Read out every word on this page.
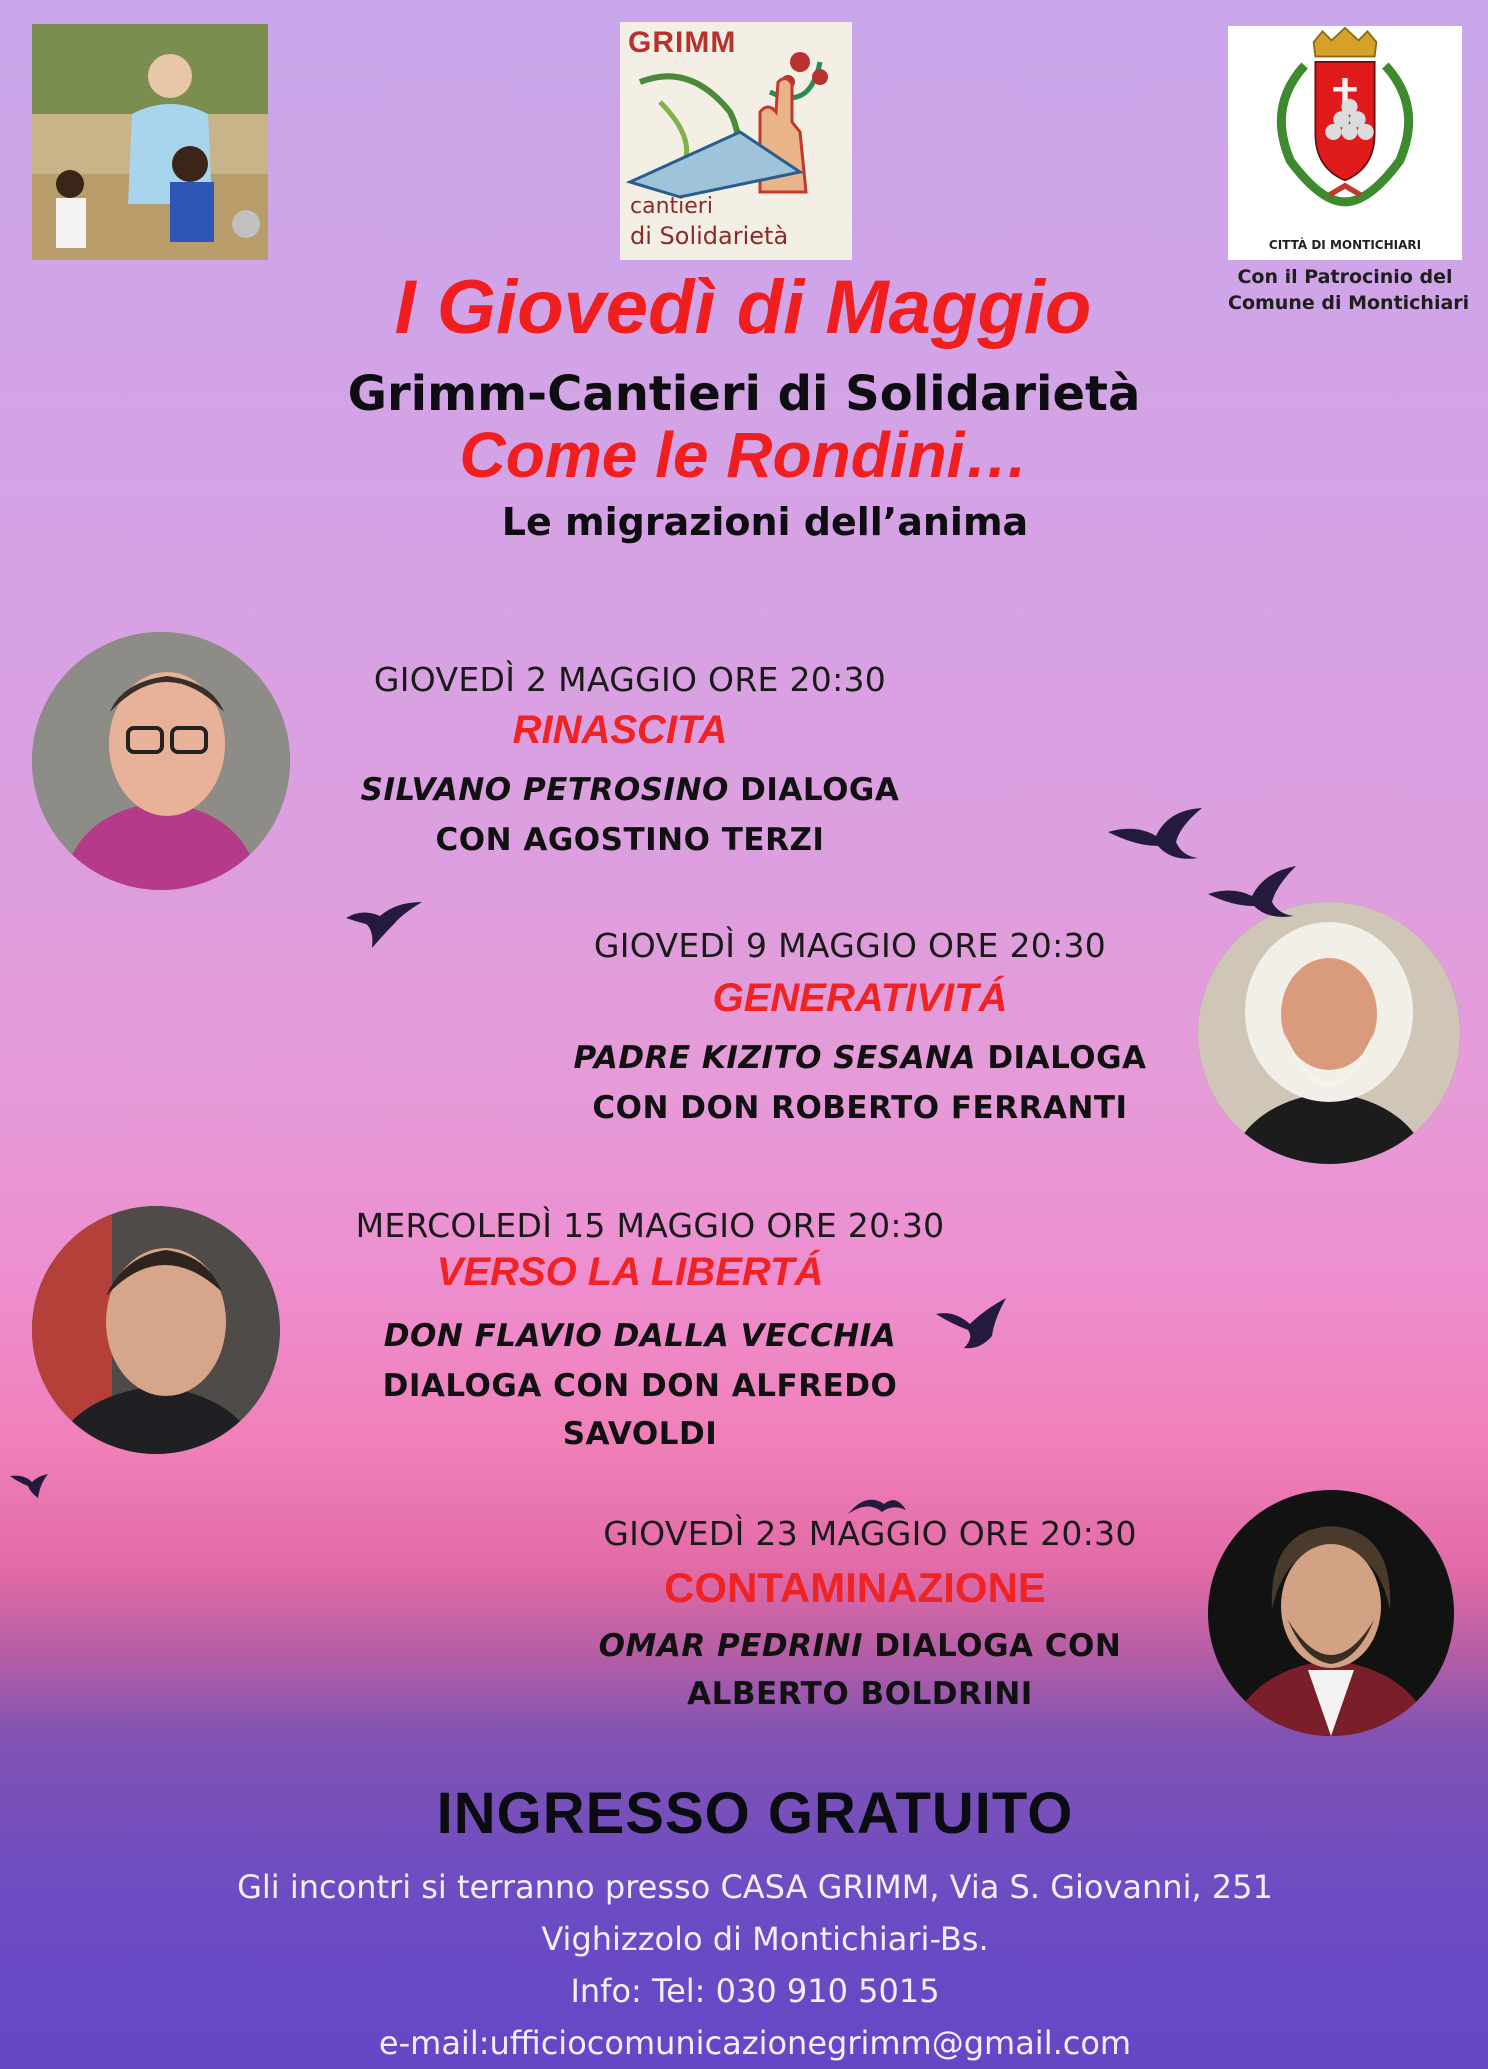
GRIMM
cantieri
di Solidarietà	CITTÀ DI MONTICHIARI
Con il Patrocinio del
Comune di Montichiari
I Giovedì di Maggio
Grimm-Cantieri di Solidarietà
Come le Rondini…
Le migrazioni dell’anima
GIOVEDÌ 2 MAGGIO ORE 20:30
RINASCITA
SILVANO PETROSINO DIALOGA
CON AGOSTINO TERZI
GIOVEDÌ 9 MAGGIO ORE 20:30
GENERATIVITÁ
PADRE KIZITO SESANA DIALOGA
CON DON ROBERTO FERRANTI
MERCOLEDÌ 15 MAGGIO ORE 20:30
VERSO LA LIBERTÁ
DON FLAVIO DALLA VECCHIA
DIALOGA CON DON ALFREDO
SAVOLDI
GIOVEDÌ 23 MAGGIO ORE 20:30
CONTAMINAZIONE
OMAR PEDRINI DIALOGA CON
ALBERTO BOLDRINI
INGRESSO GRATUITO
Gli incontri si terranno presso CASA GRIMM, Via S. Giovanni, 251
Vighizzolo di Montichiari-Bs.
Info: Tel: 030 910 5015
e-mail:ufficiocomunicazionegrimm@gmail.com
